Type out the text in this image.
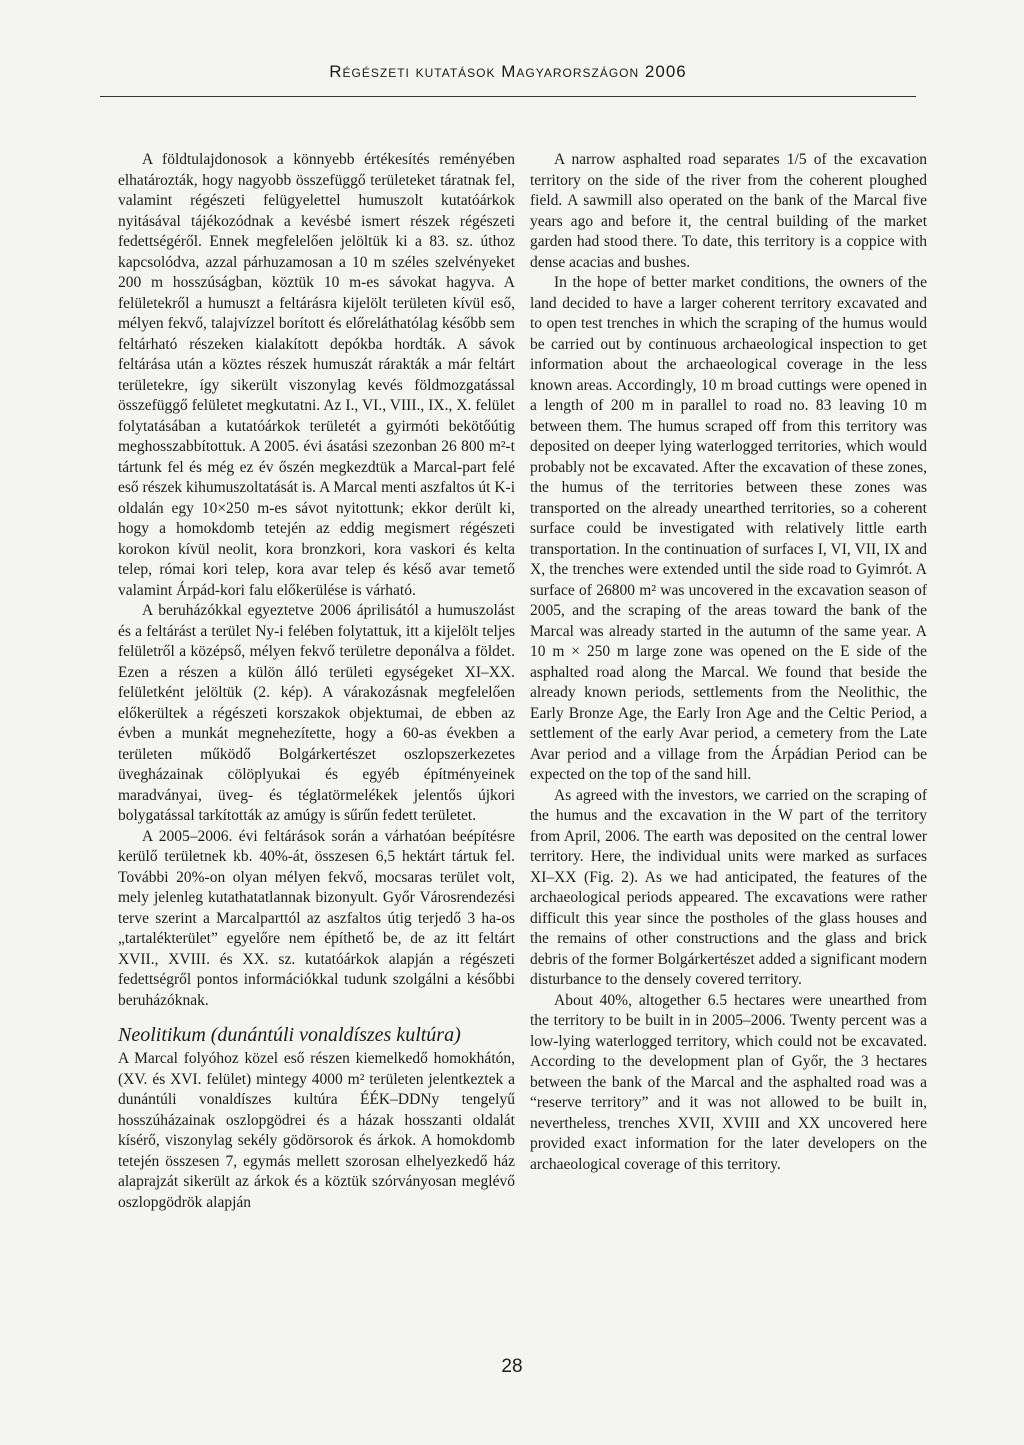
Régészeti kutatások Magyarországon 2006

A földtulajdonosok a könnyebb értékesítés reményében elhatározták, hogy nagyobb összefüggő területeket táratnak fel, valamint régészeti felügyelettel humuszolt kutatóárkok nyitásával tájékozódnak a kevésbé ismert részek régészeti fedettségéről. Ennek megfelelően jelöltük ki a 83. sz. úthoz kapcsolódva, azzal párhuzamosan a 10 m széles szelvényeket 200 m hosszúságban, köztük 10 m-es sávokat hagyva. A felületekről a humuszt a feltárásra kijelölt területen kívül eső, mélyen fekvő, talajvízzel borított és előreláthatólag később sem feltárható részeken kialakított depókba hordták. A sávok feltárása után a köztes részek humuszát rárakták a már feltárt területekre, így sikerült viszonylag kevés földmozgatással összefüggő felületet megkutatni. Az I., VI., VIII., IX., X. felület folytatásában a kutatóárkok területét a gyirmóti bekötőútig meghosszabbítottuk. A 2005. évi ásatási szezonban 26 800 m²-t tártunk fel és még ez év őszén megkezdtük a Marcal-part felé eső részek kihumuszoltatását is. A Marcal menti aszfaltos út K-i oldalán egy 10×250 m-es sávot nyitottunk; ekkor derült ki, hogy a homokdomb tetején az eddig megismert régészeti korokon kívül neolit, kora bronzkori, kora vaskori és kelta telep, római kori telep, kora avar telep és késő avar temető valamint Árpád-kori falu előkerülése is várható.

A beruházókkal egyeztetve 2006 áprilisától a humuszolást és a feltárást a terület Ny-i felében folytattuk, itt a kijelölt teljes felületről a középső, mélyen fekvő területre deponálva a földet. Ezen a részen a külön álló területi egységeket XI–XX. felületként jelöltük (2. kép). A várakozásnak megfelelően előkerültek a régészeti korszakok objektumai, de ebben az évben a munkát megnehezítette, hogy a 60-as években a területen működő Bolgárkertészet oszlopszerkezetes üvegházainak cölöplyukai és egyéb építményeinek maradványai, üveg- és téglatörmelékek jelentős újkori bolygatással tarkították az amúgy is sűrűn fedett területet.

A 2005–2006. évi feltárások során a várhatóan beépítésre kerülő területnek kb. 40%-át, összesen 6,5 hektárt tártuk fel. További 20%-on olyan mélyen fekvő, mocsaras terület volt, mely jelenleg kutathatatlannak bizonyult. Győr Városrendezési terve szerint a Marcalparttól az aszfaltos útig terjedő 3 ha-os „tartalékterület” egyelőre nem építhető be, de az itt feltárt XVII., XVIII. és XX. sz. kutatóárkok alapján a régészeti fedettségről pontos információkkal tudunk szolgálni a későbbi beruházóknak.

Neolitikum (dunántúli vonaldíszes kultúra)

A Marcal folyóhoz közel eső részen kiemelkedő homokhátón, (XV. és XVI. felület) mintegy 4000 m² területen jelentkeztek a dunántúli vonaldíszes kultúra ÉÉK–DDNy tengelyű hosszúházainak oszlopgödrei és a házak hosszanti oldalát kísérő, viszonylag sekély gödörsorok és árkok. A homokdomb tetején összesen 7, egymás mellett szorosan elhelyezkedő ház alaprajzát sikerült az árkok és a köztük szórványosan meglévő oszlopgödrök alapján

A narrow asphalted road separates 1/5 of the excavation territory on the side of the river from the coherent ploughed field. A sawmill also operated on the bank of the Marcal five years ago and before it, the central building of the market garden had stood there. To date, this territory is a coppice with dense acacias and bushes.

In the hope of better market conditions, the owners of the land decided to have a larger coherent territory excavated and to open test trenches in which the scraping of the humus would be carried out by continuous archaeological inspection to get information about the archaeological coverage in the less known areas. Accordingly, 10 m broad cuttings were opened in a length of 200 m in parallel to road no. 83 leaving 10 m between them. The humus scraped off from this territory was deposited on deeper lying waterlogged territories, which would probably not be excavated. After the excavation of these zones, the humus of the territories between these zones was transported on the already unearthed territories, so a coherent surface could be investigated with relatively little earth transportation. In the continuation of surfaces I, VI, VII, IX and X, the trenches were extended until the side road to Gyimrót. A surface of 26800 m² was uncovered in the excavation season of 2005, and the scraping of the areas toward the bank of the Marcal was already started in the autumn of the same year. A 10 m × 250 m large zone was opened on the E side of the asphalted road along the Marcal. We found that beside the already known periods, settlements from the Neolithic, the Early Bronze Age, the Early Iron Age and the Celtic Period, a settlement of the early Avar period, a cemetery from the Late Avar period and a village from the Árpádian Period can be expected on the top of the sand hill.

As agreed with the investors, we carried on the scraping of the humus and the excavation in the W part of the territory from April, 2006. The earth was deposited on the central lower territory. Here, the individual units were marked as surfaces XI–XX (Fig. 2). As we had anticipated, the features of the archaeological periods appeared. The excavations were rather difficult this year since the postholes of the glass houses and the remains of other constructions and the glass and brick debris of the former Bolgárkertészet added a significant modern disturbance to the densely covered territory.

About 40%, altogether 6.5 hectares were unearthed from the territory to be built in in 2005–2006. Twenty percent was a low-lying waterlogged territory, which could not be excavated. According to the development plan of Győr, the 3 hectares between the bank of the Marcal and the asphalted road was a “reserve territory” and it was not allowed to be built in, nevertheless, trenches XVII, XVIII and XX uncovered here provided exact information for the later developers on the archaeological coverage of this territory.

28
